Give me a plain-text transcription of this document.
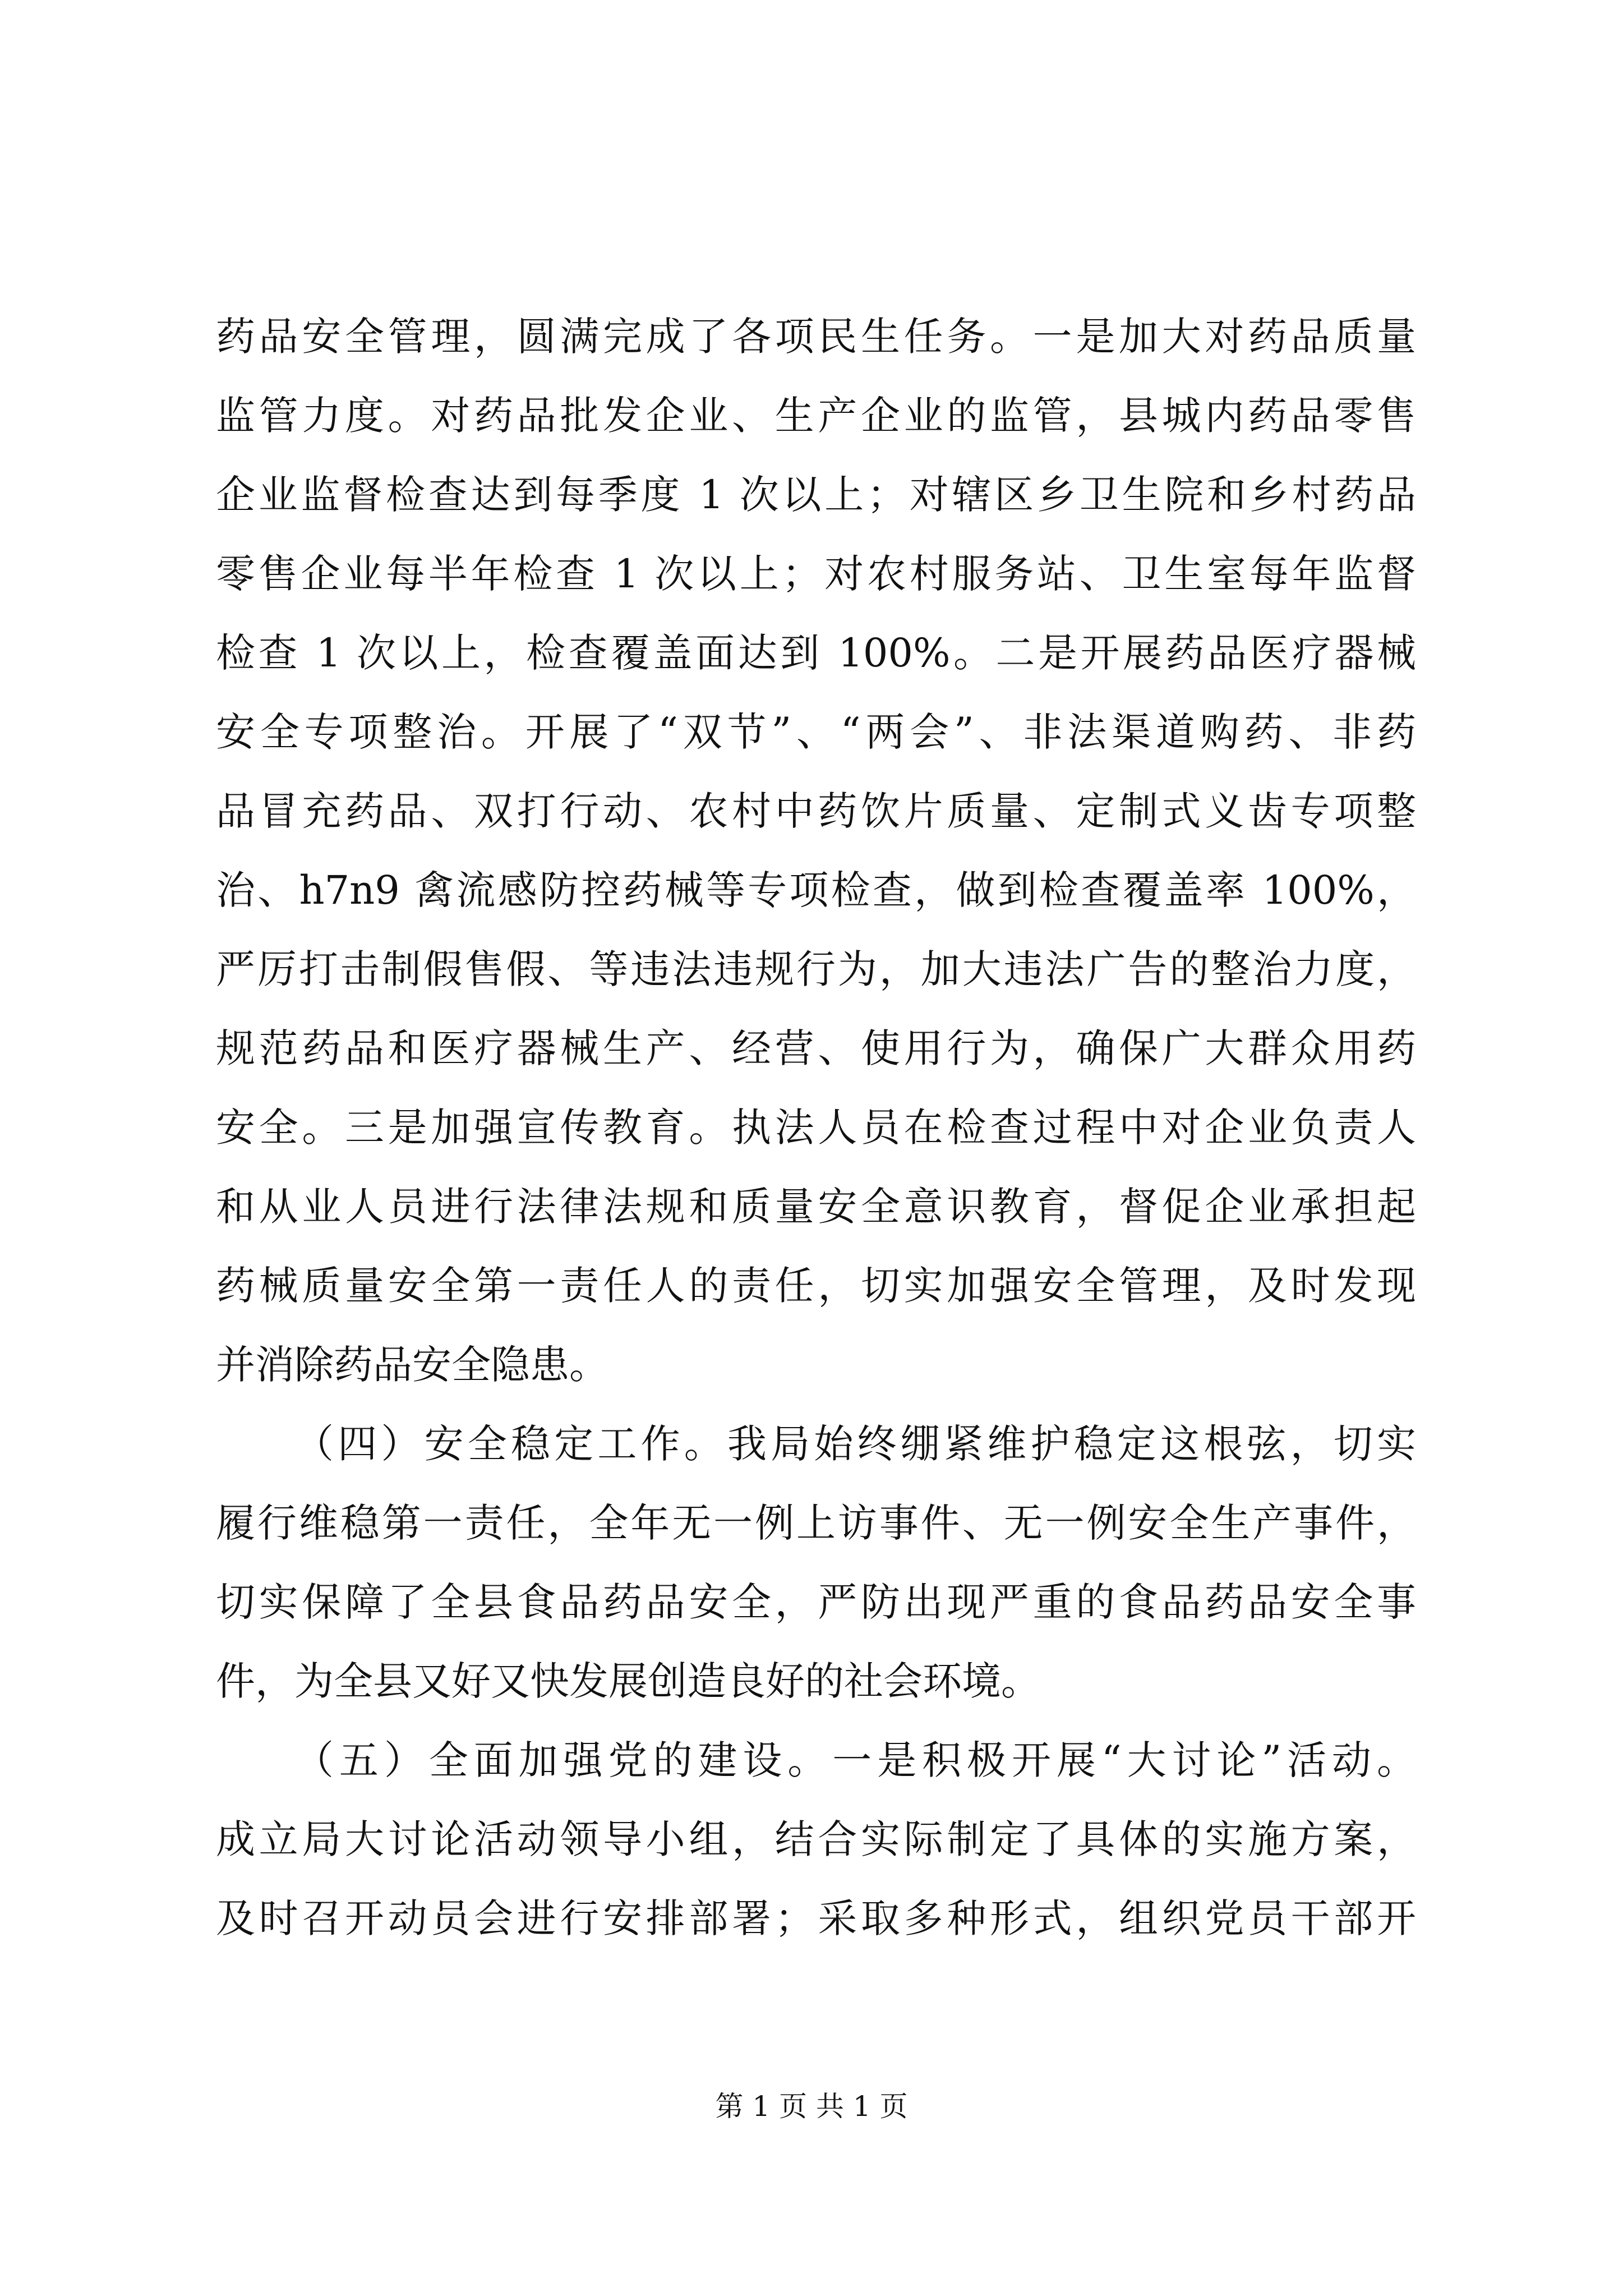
药品安全管理，圆满完成了各项民生任务。一是加大对药品质量
监管力度。对药品批发企业、生产企业的监管，县城内药品零售
企业监督检查达到每季度 1 次以上；对辖区乡卫生院和乡村药品
零售企业每半年检查 1 次以上；对农村服务站、卫生室每年监督
检查 1 次以上，检查覆盖面达到 100%。二是开展药品医疗器械
安全专项整治。开展了“双节”、“两会”、非法渠道购药、非药
品冒充药品、双打行动、农村中药饮片质量、定制式义齿专项整
治、h7n9 禽流感防控药械等专项检查，做到检查覆盖率 100%，
严厉打击制假售假、等违法违规行为，加大违法广告的整治力度，
规范药品和医疗器械生产、经营、使用行为，确保广大群众用药
安全。三是加强宣传教育。执法人员在检查过程中对企业负责人
和从业人员进行法律法规和质量安全意识教育，督促企业承担起
药械质量安全第一责任人的责任，切实加强安全管理，及时发现
并消除药品安全隐患。
（四）安全稳定工作。我局始终绷紧维护稳定这根弦，切实
履行维稳第一责任，全年无一例上访事件、无一例安全生产事件，
切实保障了全县食品药品安全，严防出现严重的食品药品安全事
件，为全县又好又快发展创造良好的社会环境。
（五）全面加强党的建设。一是积极开展“大讨论”活动。
成立局大讨论活动领导小组，结合实际制定了具体的实施方案，
及时召开动员会进行安排部署；采取多种形式，组织党员干部开
第 1 页 共 1 页
